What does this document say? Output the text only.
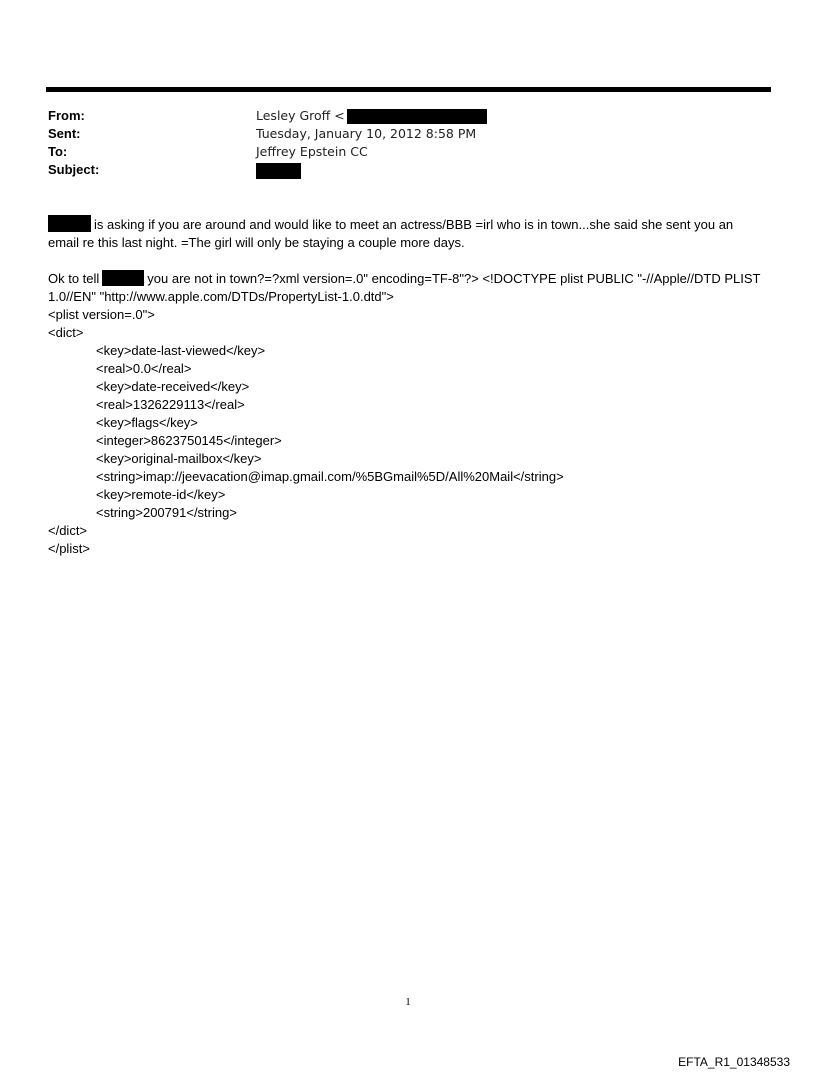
From:	Lesley Groff <
Sent:	Tuesday, January 10, 2012 8:58 PM
To:	Jeffrey Epstein CC
Subject:

is asking if you are around and would like to meet an actress/BBB =irl who is in town...she said she sent you an
email re this last night. =The girl will only be staying a couple more days.

Ok to tell	you are not in town?=?xml version=.0" encoding=TF-8"?> <!DOCTYPE plist PUBLIC "-//Apple//DTD PLIST
1.0//EN" "http://www.apple.com/DTDs/PropertyList-1.0.dtd">
<plist version=.0">
<dict>
<key>date-last-viewed</key>
<real>0.0</real>
<key>date-received</key>
<real>1326229113</real>
<key>flags</key>
<integer>8623750145</integer>
<key>original-mailbox</key>
<string>imap://jeevacation@imap.gmail.com/%5BGmail%5D/All%20Mail</string>
<key>remote-id</key>
<string>200791</string>
</dict>
</plist>
1
EFTA_R1_01348533
